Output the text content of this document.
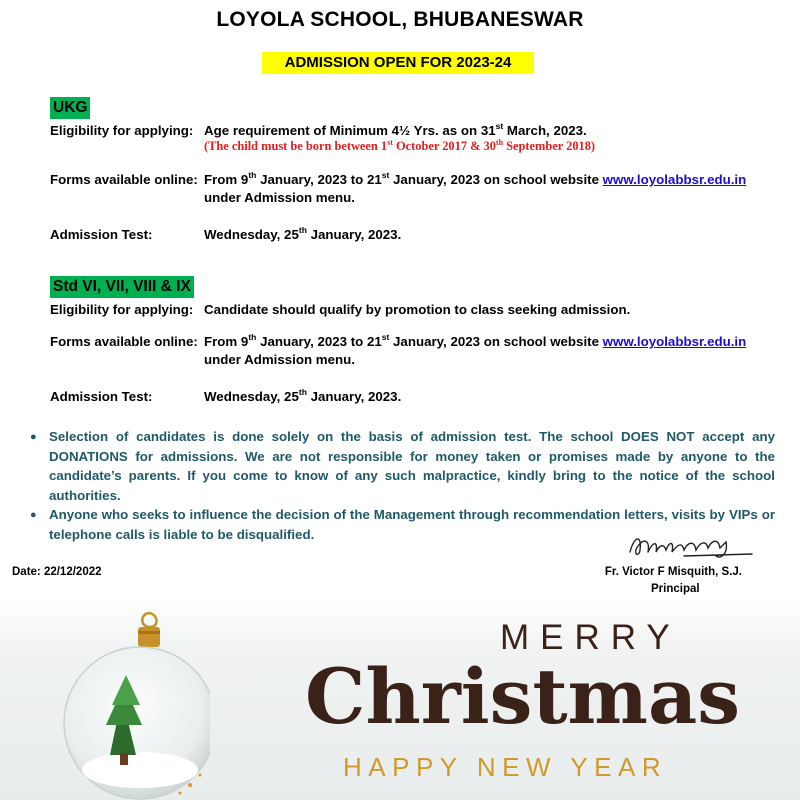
LOYOLA SCHOOL, BHUBANESWAR
ADMISSION OPEN FOR 2023-24
UKG
Eligibility for applying: Age requirement of Minimum 4½ Yrs. as on 31st March, 2023.
(The child must be born between 1st October 2017 & 30th September 2018)
Forms available online: From 9th January, 2023 to 21st January, 2023 on school website www.loyolabbsr.edu.in
under Admission menu.
Admission Test:	Wednesday, 25th January, 2023.
Std VI, VII, VIII & IX
Eligibility for applying: Candidate should qualify by promotion to class seeking admission.
Forms available online: From 9th January, 2023 to 21st January, 2023 on school website www.loyolabbsr.edu.in
under Admission menu.
Admission Test:	Wednesday, 25th January, 2023.
● Selection of candidates is done solely on the basis of admission test. The school DOES NOT accept any DONATIONS for admissions. We are not responsible for money taken or promises made by anyone to the candidate’s parents. If you come to know of any such malpractice, kindly bring to the notice of the school authorities.
● Anyone who seeks to influence the decision of the Management through recommendation letters, visits by VIPs or telephone calls is liable to be disqualified.
Date: 22/12/2022	Fr. Victor F Misquith, S.J.
Principal
MERRY
Christmas
HAPPY NEW YEAR
